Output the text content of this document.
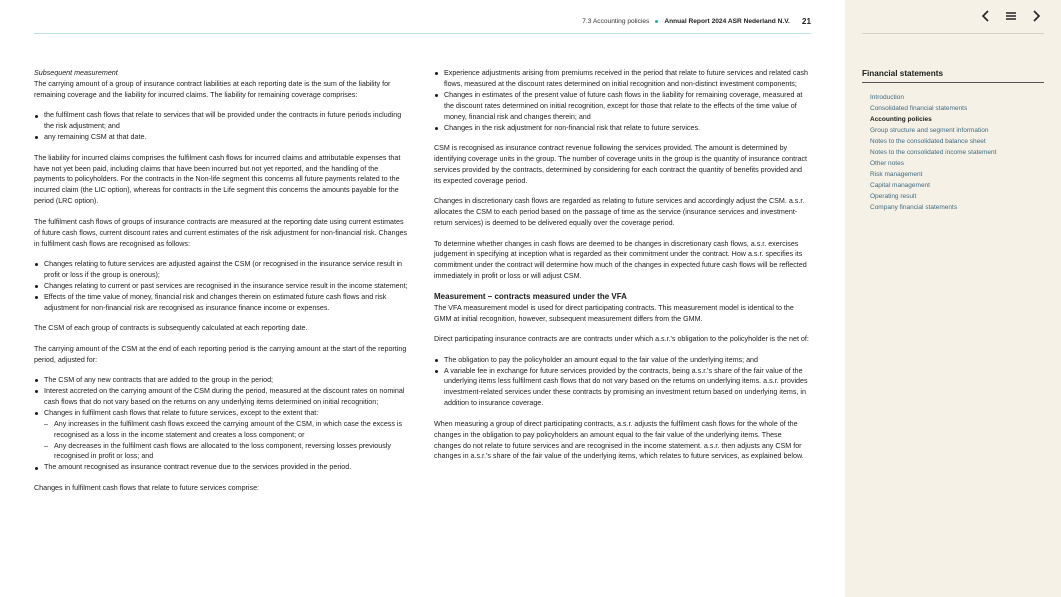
7.3 Accounting policies Annual Report 2024 ASR Nederland N.V. 21
Subsequent measurement

The carrying amount of a group of insurance contract liabilities at each reporting date is the sum of the liability for remaining coverage and the liability for incurred claims. The liability for remaining coverage comprises:

the fulfilment cash flows that relate to services that will be provided under the contracts in future periods including the risk adjustment; and
any remaining CSM at that date.

The liability for incurred claims comprises the fulfilment cash flows for incurred claims and attributable expenses that have not yet been paid, including claims that have been incurred but not yet reported, and the handling of the payments to policyholders. For the contracts in the Non-life segment this concerns all future payments related to the incurred claim (the LIC option), whereas for contracts in the Life segment this concerns the amounts payable for the period (LRC option).

The fulfilment cash flows of groups of insurance contracts are measured at the reporting date using current estimates of future cash flows, current discount rates and current estimates of the risk adjustment for non-financial risk. Changes in fulfilment cash flows are recognised as follows:

Changes relating to future services are adjusted against the CSM (or recognised in the insurance service result in profit or loss if the group is onerous);
Changes relating to current or past services are recognised in the insurance service result in the income statement;
Effects of the time value of money, financial risk and changes therein on estimated future cash flows and risk adjustment for non-financial risk are recognised as insurance finance income or expenses.

The CSM of each group of contracts is subsequently calculated at each reporting date.

The carrying amount of the CSM at the end of each reporting period is the carrying amount at the start of the reporting period, adjusted for:

The CSM of any new contracts that are added to the group in the period;
Interest accreted on the carrying amount of the CSM during the period, measured at the discount rates on nominal cash flows that do not vary based on the returns on any underlying items determined on initial recognition;
Changes in fulfilment cash flows that relate to future services, except to the extent that:
– Any increases in the fulfilment cash flows exceed the carrying amount of the CSM, in which case the excess is recognised as a loss in the income statement and creates a loss component; or
– Any decreases in the fulfilment cash flows are allocated to the loss component, reversing losses previously recognised in profit or loss; and
The amount recognised as insurance contract revenue due to the services provided in the period.

Changes in fulfilment cash flows that relate to future services comprise:

Experience adjustments arising from premiums received in the period that relate to future services and related cash flows, measured at the discount rates determined on initial recognition and non-distinct investment components;
Changes in estimates of the present value of future cash flows in the liability for remaining coverage, measured at the discount rates determined on initial recognition, except for those that relate to the effects of the time value of money, financial risk and changes therein; and
Changes in the risk adjustment for non-financial risk that relate to future services.

CSM is recognised as insurance contract revenue following the services provided. The amount is determined by identifying coverage units in the group. The number of coverage units in the group is the quantity of insurance contract services provided by the contracts, determined by considering for each contract the quantity of benefits provided and its expected coverage period.

Changes in discretionary cash flows are regarded as relating to future services and accordingly adjust the CSM. a.s.r. allocates the CSM to each period based on the passage of time as the service (insurance services and investment-return services) is deemed to be delivered equally over the coverage period.

To determine whether changes in cash flows are deemed to be changes in discretionary cash flows, a.s.r. exercises judgement in specifying at inception what is regarded as their commitment under the contract. How a.s.r. specifies its commitment under the contract will determine how much of the changes in expected future cash flows will be reflected immediately in profit or loss or will adjust CSM.

Measurement – contracts measured under the VFA

The VFA measurement model is used for direct participating contracts. This measurement model is identical to the GMM at initial recognition, however, subsequent measurement differs from the GMM.

Direct participating insurance contracts are are contracts under which a.s.r.'s obligation to the policyholder is the net of:

The obligation to pay the policyholder an amount equal to the fair value of the underlying items; and
A variable fee in exchange for future services provided by the contracts, being a.s.r.'s share of the fair value of the underlying items less fulfilment cash flows that do not vary based on the returns on underlying items. a.s.r. provides investment-related services under these contracts by promising an investment return based on underlying items, in addition to insurance coverage.

When measuring a group of direct participating contracts, a.s.r. adjusts the fulfilment cash flows for the whole of the changes in the obligation to pay policyholders an amount equal to the fair value of the underlying items. These changes do not relate to future services and are recognised in the income statement. a.s.r. then adjusts any CSM for changes in a.s.r.'s share of the fair value of the underlying items, which relates to future services, as explained below.

Financial statements
Introduction
Consolidated financial statements
Accounting policies
Group structure and segment information
Notes to the consolidated balance sheet
Notes to the consolidated income statement
Other notes
Risk management
Capital management
Operating result
Company financial statements
